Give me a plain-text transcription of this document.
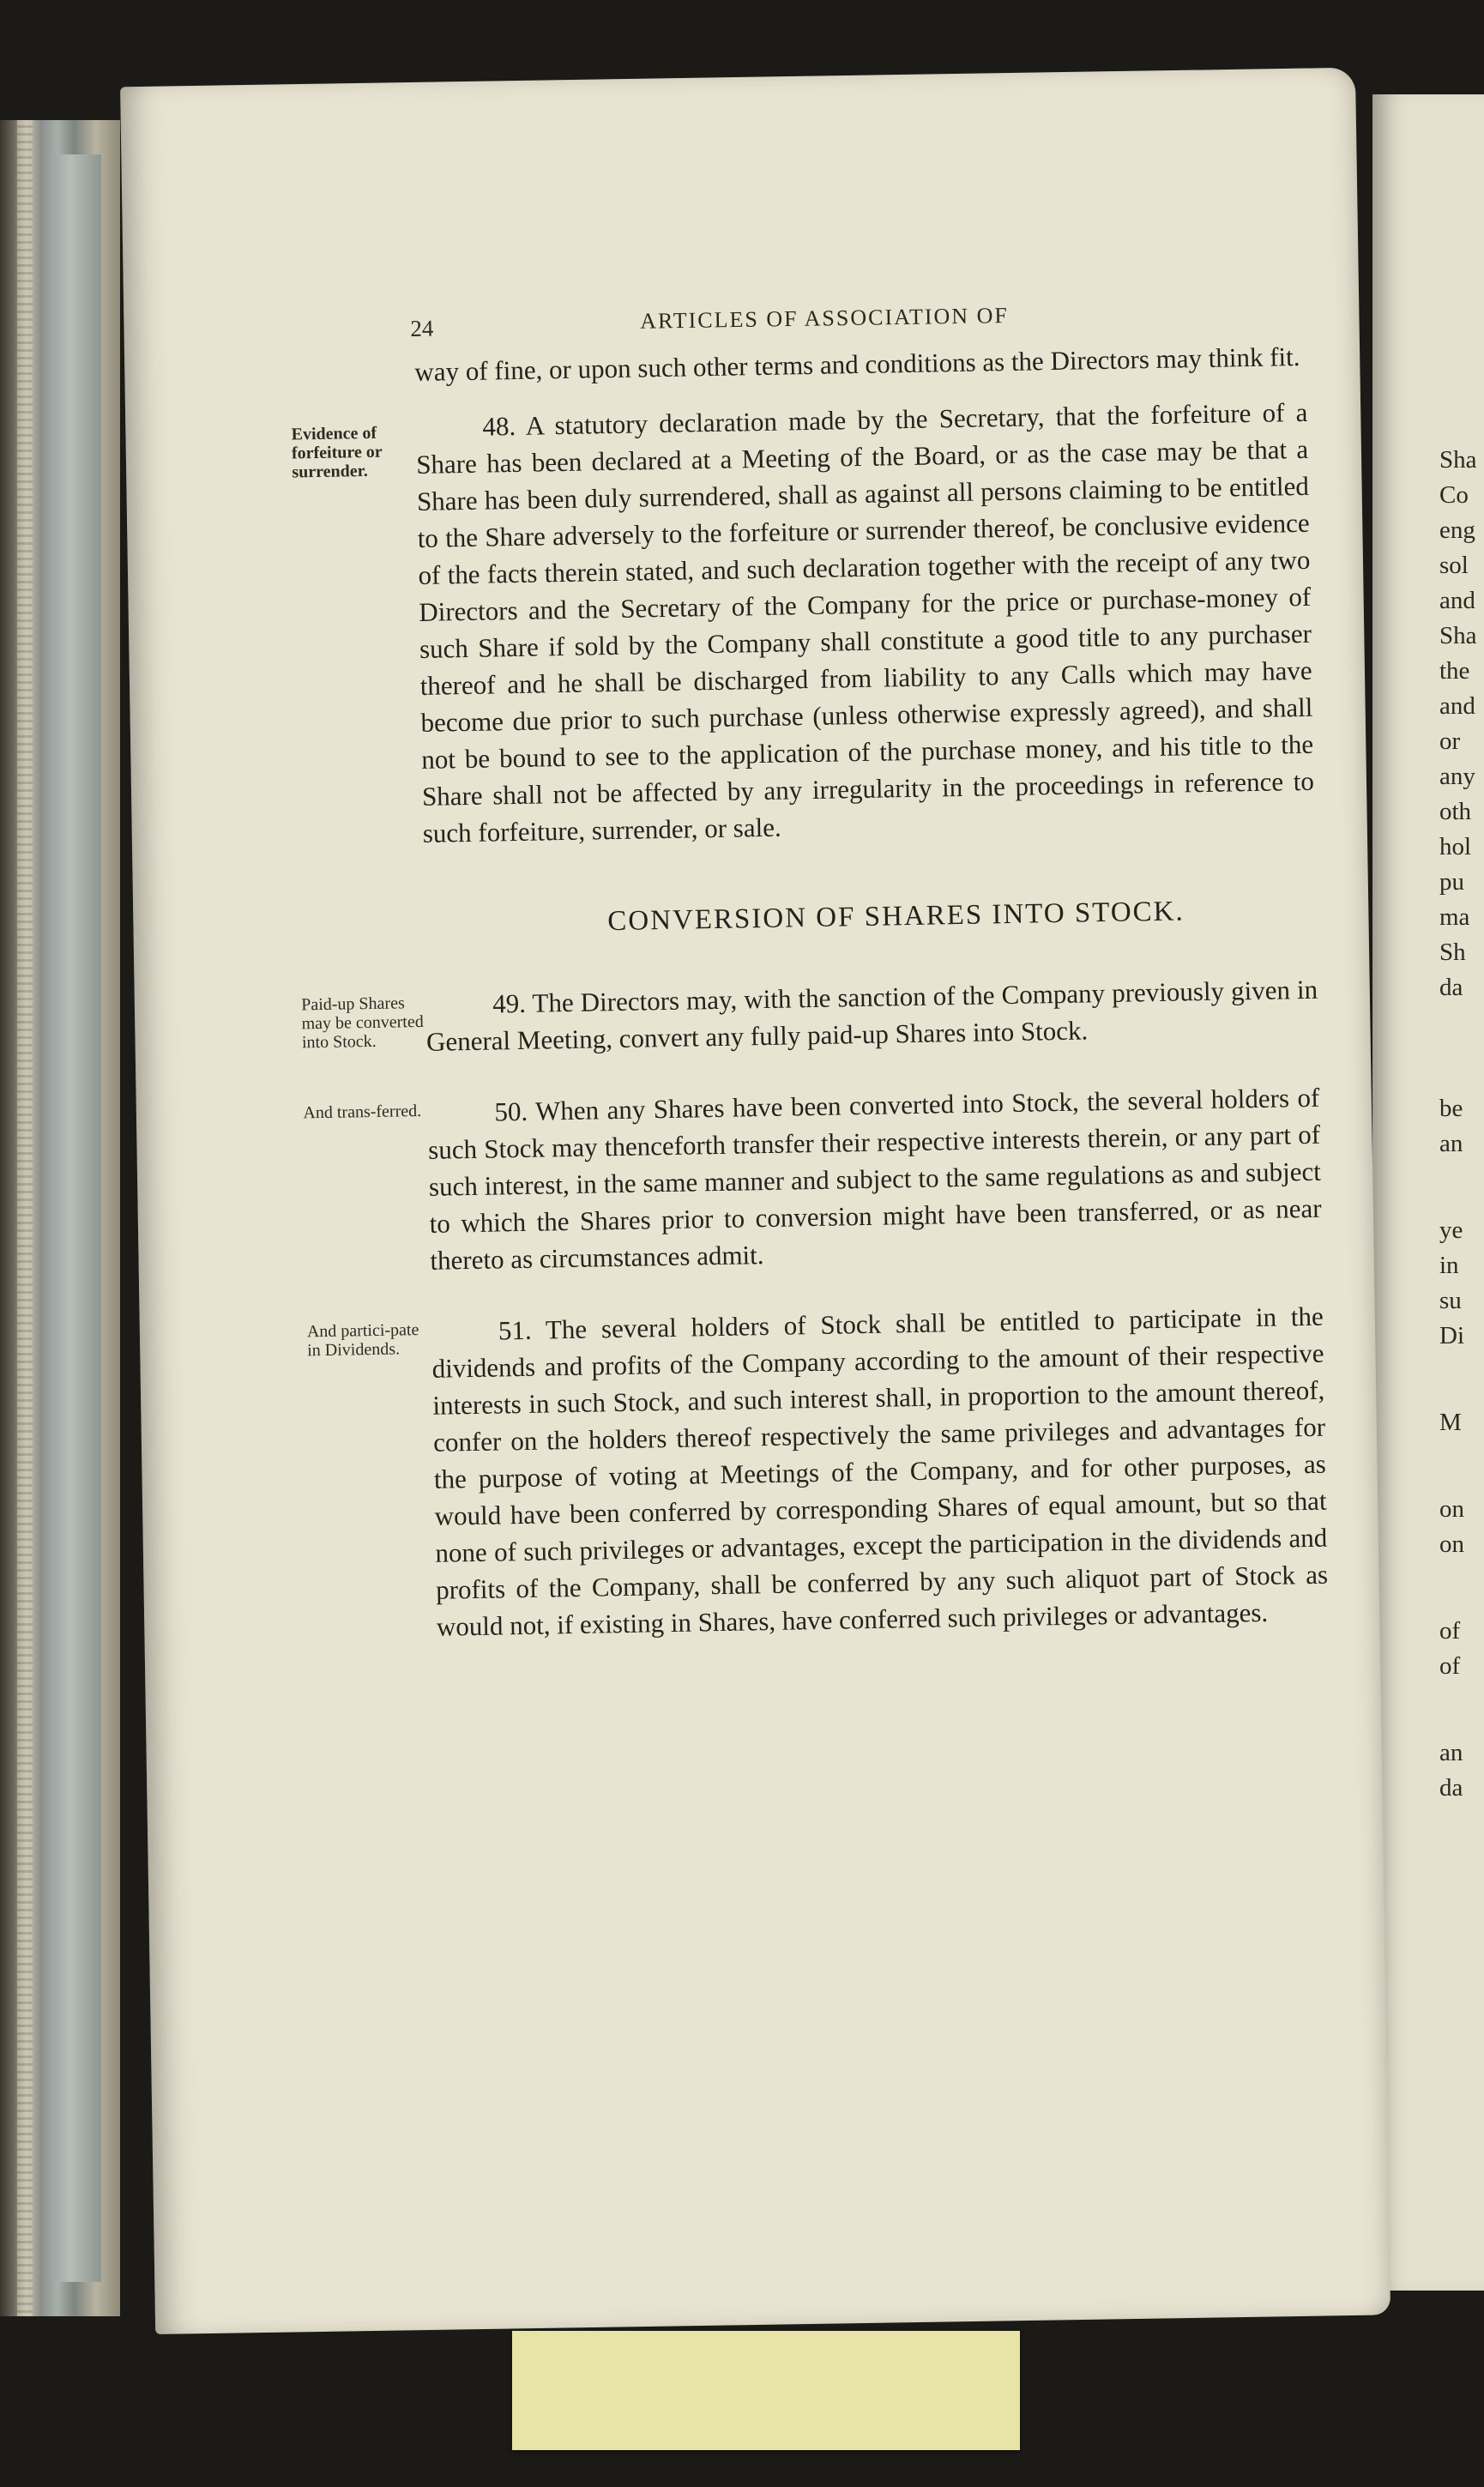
Sha
Co
eng
sol
and
Sha
the
and
or
any
oth
hol
pu
ma
Sh
da
be
an
ye
in
su
Di
M
on
on
of
of
an
da
24	ARTICLES OF ASSOCIATION OF

way of fine, or upon such other terms and conditions as the Directors may think fit.

Evidence of forfeiture or surrender.
48. A statutory declaration made by the Secretary, that the forfeiture of a Share has been declared at a Meeting of the Board, or as the case may be that a Share has been duly surrendered, shall as against all persons claiming to be entitled to the Share adversely to the forfeiture or surrender thereof, be conclusive evidence of the facts therein stated, and such declaration together with the receipt of any two Directors and the Secretary of the Company for the price or purchase-money of such Share if sold by the Company shall constitute a good title to any purchaser thereof and he shall be discharged from liability to any Calls which may have become due prior to such purchase (unless otherwise expressly agreed), and shall not be bound to see to the application of the purchase money, and his title to the Share shall not be affected by any irregularity in the proceedings in reference to such forfeiture, surrender, or sale.

CONVERSION OF SHARES INTO STOCK.

Paid-up Shares may be converted into Stock.
49. The Directors may, with the sanction of the Company previously given in General Meeting, convert any fully paid-up Shares into Stock.

And trans-ferred.	50. When any Shares have been converted into Stock, the several holders of such Stock may thenceforth transfer their respective interests therein, or any part of such interest, in the same manner and subject to the same regulations as and subject to which the Shares prior to conversion might have been transferred, or as near thereto as circumstances admit.

And partici-pate in Dividends.
51. The several holders of Stock shall be entitled to participate in the dividends and profits of the Company according to the amount of their respective interests in such Stock, and such interest shall, in proportion to the amount thereof, confer on the holders thereof respectively the same privileges and advantages for the purpose of voting at Meetings of the Company, and for other purposes, as would have been conferred by corresponding Shares of equal amount, but so that none of such privileges or advantages, except the participation in the dividends and profits of the Company, shall be conferred by any such aliquot part of Stock as would not, if existing in Shares, have conferred such privileges or advantages.
